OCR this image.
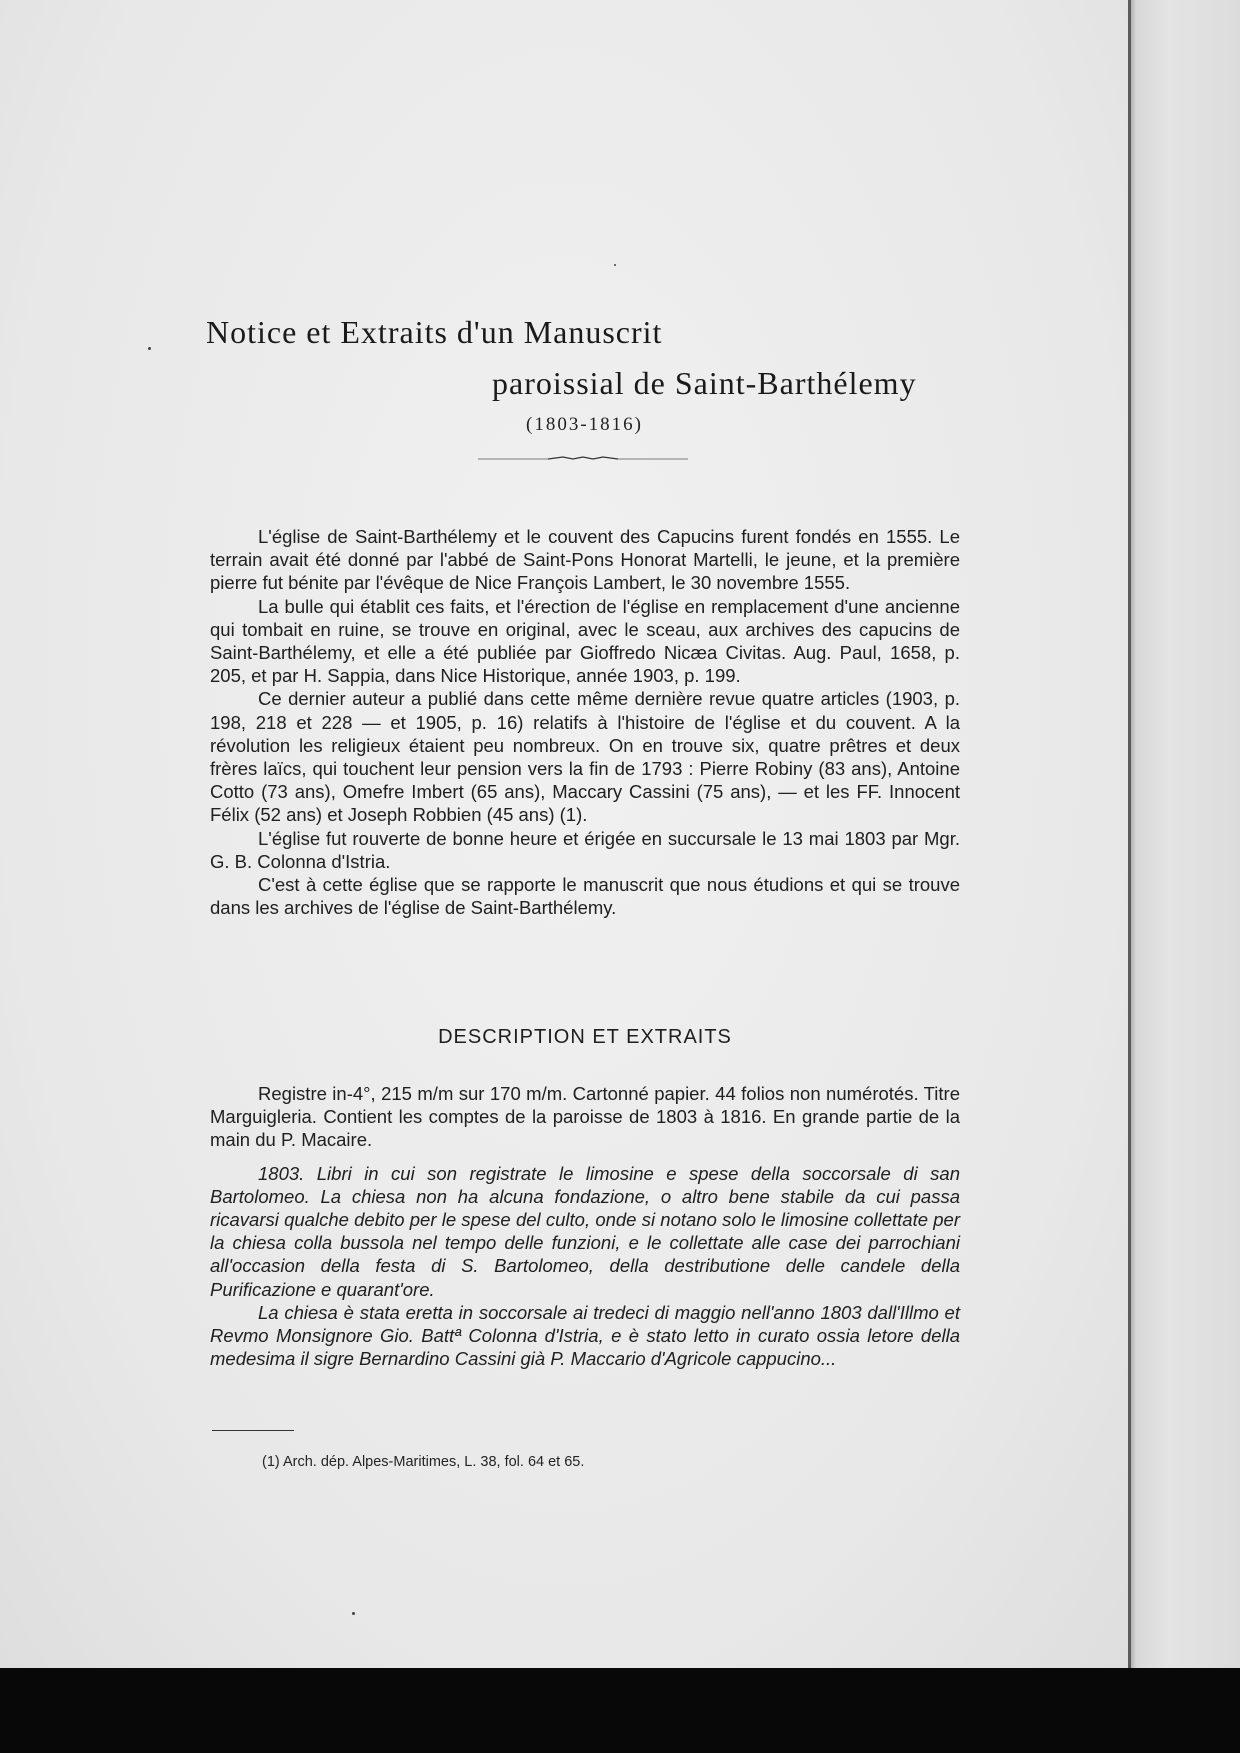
Notice et Extraits d'un Manuscrit
paroissial de Saint-Barthélemy
(1803-1816)

L'église de Saint-Barthélemy et le couvent des Capucins furent fondés en 1555. Le terrain avait été donné par l'abbé de Saint-Pons Honorat Martelli, le jeune, et la première pierre fut bénite par l'évêque de Nice François Lambert, le 30 novembre 1555.

La bulle qui établit ces faits, et l'érection de l'église en remplacement d'une ancienne qui tombait en ruine, se trouve en original, avec le sceau, aux archives des capucins de Saint-Barthélemy, et elle a été publiée par Gioffredo Nicæa Civitas. Aug. Paul, 1658, p. 205, et par H. Sappia, dans Nice Historique, année 1903, p. 199.

Ce dernier auteur a publié dans cette même dernière revue quatre articles (1903, p. 198, 218 et 228 — et 1905, p. 16) relatifs à l'histoire de l'église et du couvent. A la révolution les religieux étaient peu nombreux. On en trouve six, quatre prêtres et deux frères laïcs, qui touchent leur pension vers la fin de 1793 : Pierre Robiny (83 ans), Antoine Cotto (73 ans), Omefre Imbert (65 ans), Maccary Cassini (75 ans), — et les FF. Innocent Félix (52 ans) et Joseph Robbien (45 ans) (1).

L'église fut rouverte de bonne heure et érigée en succursale le 13 mai 1803 par Mgr. G. B. Colonna d'Istria.

C'est à cette église que se rapporte le manuscrit que nous étudions et qui se trouve dans les archives de l'église de Saint-Barthélemy.

DESCRIPTION ET EXTRAITS

Registre in-4°, 215 m/m sur 170 m/m. Cartonné papier. 44 folios non numérotés. Titre Marguigleria. Contient les comptes de la paroisse de 1803 à 1816. En grande partie de la main du P. Macaire.

1803. Libri in cui son registrate le limosine e spese della soccorsale di san Bartolomeo. La chiesa non ha alcuna fondazione, o altro bene stabile da cui passa ricavarsi qualche debito per le spese del culto, onde si notano solo le limosine collettate per la chiesa colla bussola nel tempo delle funzioni, e le collettate alle case dei parrochiani all'occasion della festa di S. Bartolomeo, della destributione delle candele della Purificazione e quarant'ore.

La chiesa è stata eretta in soccorsale ai tredeci di maggio nell'anno 1803 dall'Illmo et Revmo Monsignore Gio. Battª Colonna d'Istria, e è stato letto in curato ossia letore della medesima il sigre Bernardino Cassini già P. Maccario d'Agricole cappucino...

(1) Arch. dép. Alpes-Maritimes, L. 38, fol. 64 et 65.
